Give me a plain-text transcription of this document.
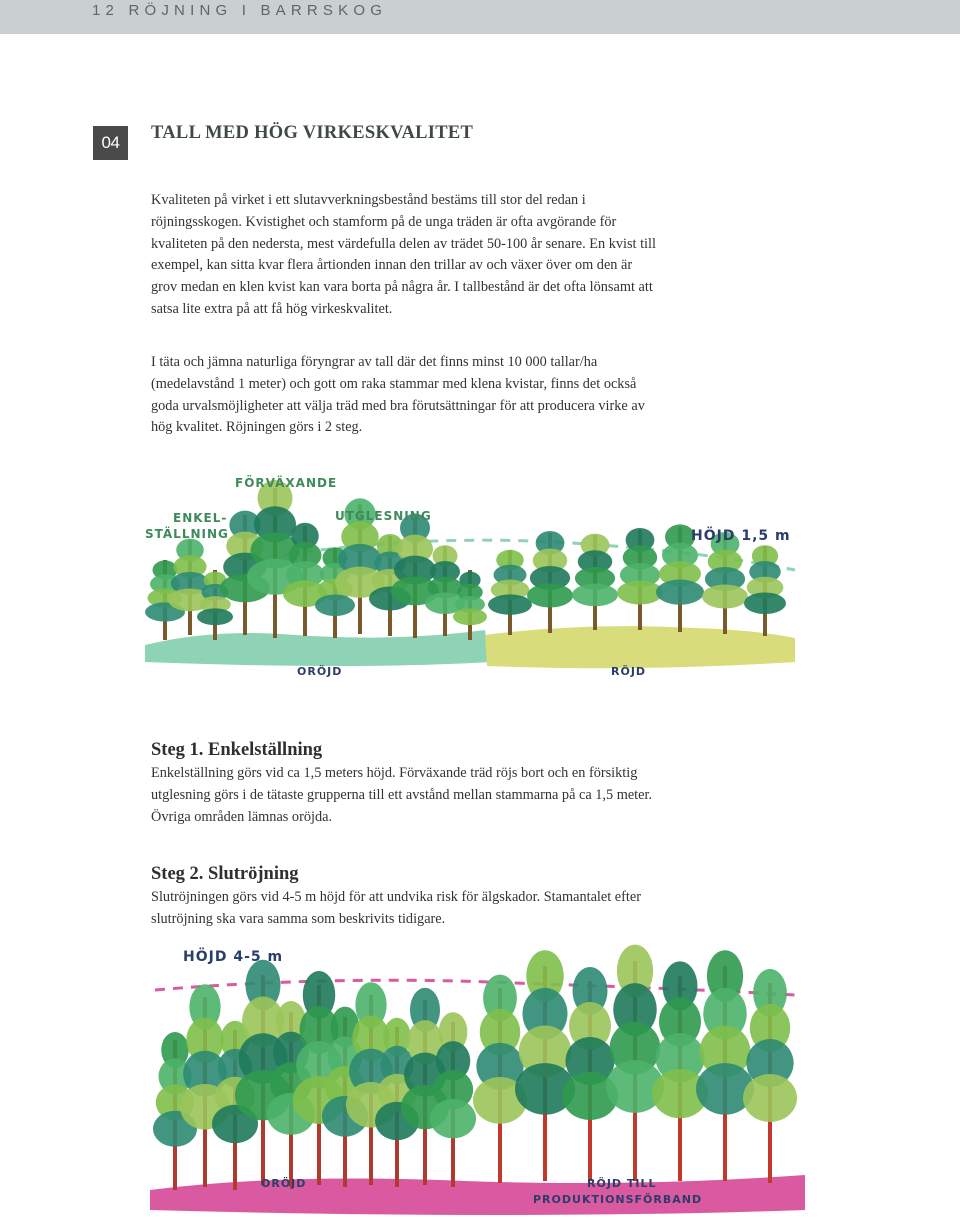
12 RÖJNING I BARRSKOG
04	TALL MED HÖG VIRKESKVALITET

Kvaliteten på virket i ett slutavverkningsbestånd bestäms till stor del redan i röjningsskogen. Kvistighet och stamform på de unga träden är ofta avgörande för kvaliteten på den nedersta, mest värdefulla delen av trädet 50-100 år senare. En kvist till exempel, kan sitta kvar flera årtionden innan den trillar av och växer över om den är grov medan en klen kvist kan vara borta på några år. I tallbestånd är det ofta lönsamt att satsa lite extra på att få hög virkeskvalitet.

I täta och jämna naturliga föryngrar av tall där det finns minst 10 000 tallar/ha (medelavstånd 1 meter) och gott om raka stammar med klena kvistar, finns det också goda urvalsmöjligheter att välja träd med bra förutsättningar för att producera virke av hög kvalitet. Röjningen görs i 2 steg.

FÖRVÄXANDE
ENKEL-
STÄLLNING
UTGLESNING
HÖJD 1,5 m
ORÖJD	RÖJD
Steg 1. Enkelställning

Enkelställning görs vid ca 1,5 meters höjd. Förväxande träd röjs bort och en försiktig utglesning görs i de tätaste grupperna till ett avstånd mellan stammarna på ca 1,5 meter. Övriga områden lämnas oröjda.

Steg 2. Slutröjning

Slutröjningen görs vid 4-5 m höjd för att undvika risk för älgskador. Stamantalet efter slutröjning ska vara samma som beskrivits tidigare.

HÖJD 4-5 m
ORÖJD	RÖJD TILL
PRODUKTIONSFÖRBAND
